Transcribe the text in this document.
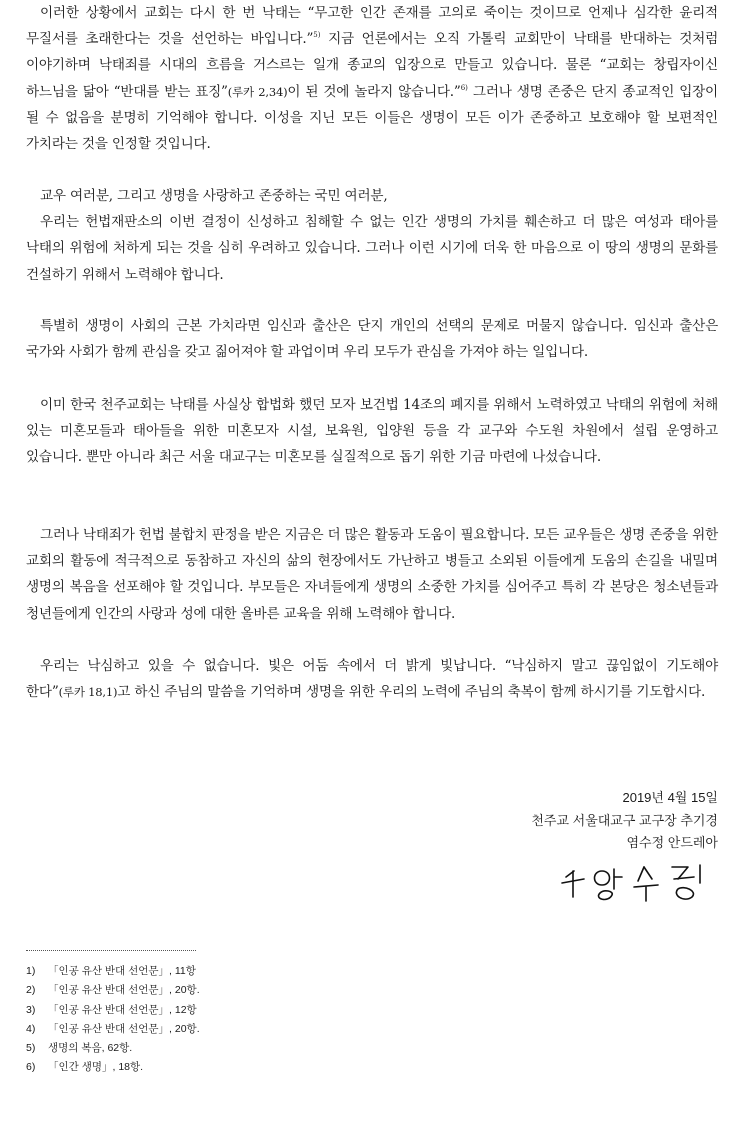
이러한 상황에서 교회는 다시 한 번 낙태는 “무고한 인간 존재를 고의로 죽이는 것이므로 언제나 심각한 윤리적 무질서를 초래한다는 것을 선언하는 바입니다.”$^{5)}$ 지금 언론에서는 오직 가톨릭 교회만이 낙태를 반대하는 것처럼 이야기하며 낙태죄를 시대의 흐름을 거스르는 일개 종교의 입장으로 만들고 있습니다. 물론 “교회는 창립자이신 하느님을 닮아 “반대를 받는 표징”(루카 2,34)이 된 것에 놀라지 않습니다.”$^{6)}$ 그러나 생명 존중은 단지 종교적인 입장이 될 수 없음을 분명히 기억해야 합니다. 이성을 지닌 모든 이들은 생명이 모든 이가 존중하고 보호해야 할 보편적인 가치라는 것을 인정할 것입니다.

교우 여러분, 그리고 생명을 사랑하고 존중하는 국민 여러분,

우리는 헌법재판소의 이번 결정이 신성하고 침해할 수 없는 인간 생명의 가치를 훼손하고 더 많은 여성과 태아를 낙태의 위험에 처하게 되는 것을 심히 우려하고 있습니다. 그러나 이런 시기에 더욱 한 마음으로 이 땅의 생명의 문화를 건설하기 위해서 노력해야 합니다.

특별히 생명이 사회의 근본 가치라면 임신과 출산은 단지 개인의 선택의 문제로 머물지 않습니다. 임신과 출산은 국가와 사회가 함께 관심을 갖고 짊어져야 할 과업이며 우리 모두가 관심을 가져야 하는 일입니다.

이미 한국 천주교회는 낙태를 사실상 합법화 했던 모자 보건법 14조의 폐지를 위해서 노력하였고 낙태의 위험에 처해 있는 미혼모들과 태아들을 위한 미혼모자 시설, 보육원, 입양원 등을 각 교구와 수도원 차원에서 설립 운영하고 있습니다. 뿐만 아니라 최근 서울 대교구는 미혼모를 실질적으로 돕기 위한 기금 마련에 나섰습니다.

그러나 낙태죄가 헌법 불합치 판정을 받은 지금은 더 많은 활동과 도움이 필요합니다. 모든 교우들은 생명 존중을 위한 교회의 활동에 적극적으로 동참하고 자신의 삶의 현장에서도 가난하고 병들고 소외된 이들에게 도움의 손길을 내밀며 생명의 복음을 선포해야 할 것입니다. 부모들은 자녀들에게 생명의 소중한 가치를 심어주고 특히 각 본당은 청소년들과 청년들에게 인간의 사랑과 성에 대한 올바른 교육을 위해 노력해야 합니다.

우리는 낙심하고 있을 수 없습니다. 빛은 어둠 속에서 더 밝게 빛납니다. “낙심하지 말고 끊임없이 기도해야 한다”(루카 18,1)고 하신 주님의 말씀을 기억하며 생명을 위한 우리의 노력에 주님의 축복이 함께 하시기를 기도합시다.

2019년 4월 15일
천주교 서울대교구 교구장 추기경
염수정 안드레아
1) 「인공 유산 반대 선언문」, 11항
2) 「인공 유산 반대 선언문」, 20항.
3) 「인공 유산 반대 선언문」, 12항
4) 「인공 유산 반대 선언문」, 20항.
5) 생명의 복음, 62항.
6) 「인간 생명」, 18항.
